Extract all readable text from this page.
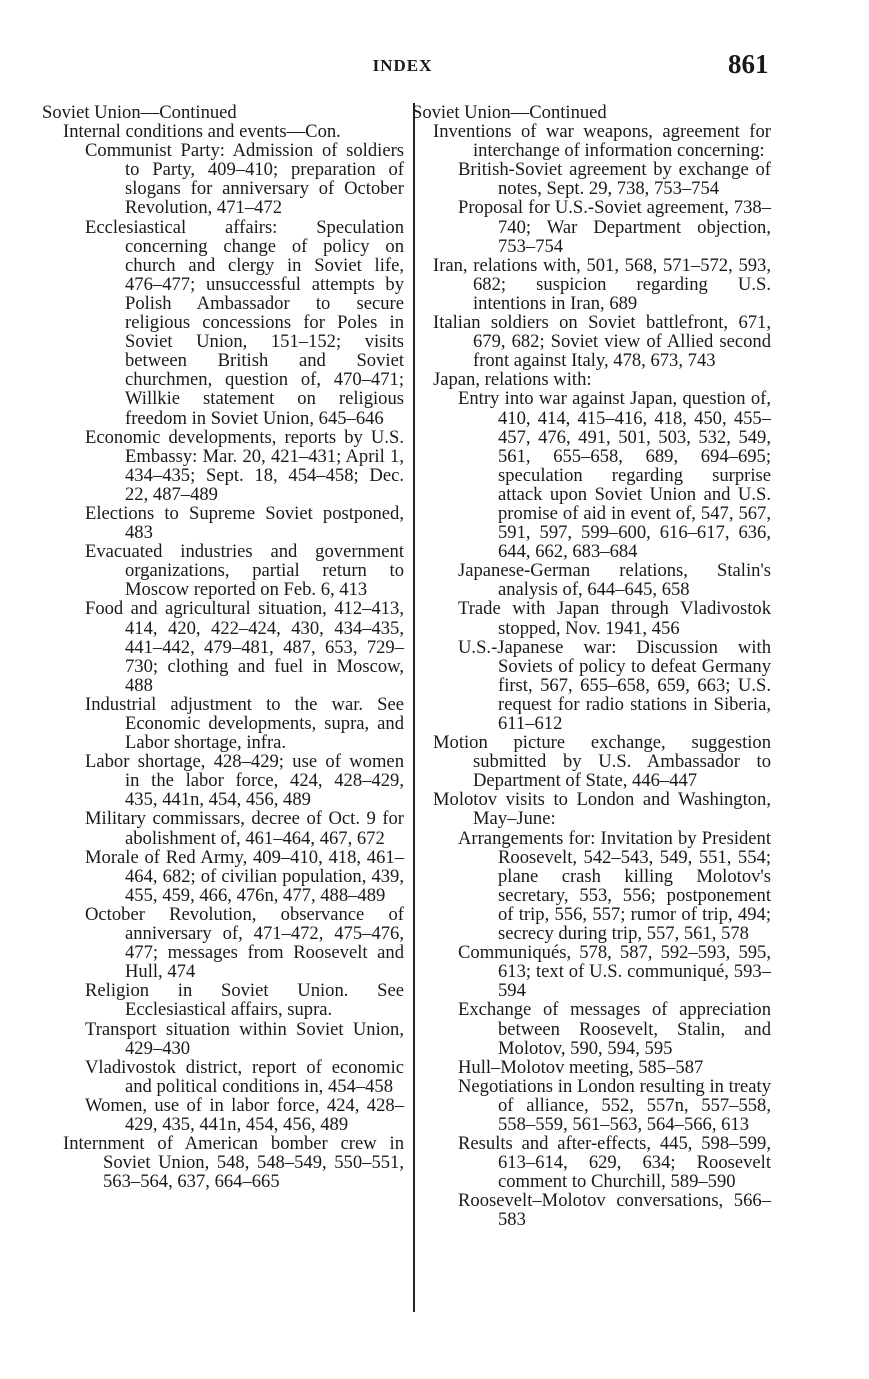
INDEX	861

Soviet Union—Continued

Internal conditions and events—Con.

Communist Party: Admission of soldiers to Party, 409–410; preparation of slogans for anniversary of October Revolution, 471–472

Ecclesiastical affairs: Speculation concerning change of policy on church and clergy in Soviet life, 476–477; unsuccessful attempts by Polish Ambassador to secure religious concessions for Poles in Soviet Union, 151–152; visits between British and Soviet churchmen, question of, 470–471; Willkie statement on religious freedom in Soviet Union, 645–646

Economic developments, reports by U.S. Embassy: Mar. 20, 421–431; April 1, 434–435; Sept. 18, 454–458; Dec. 22, 487–489

Elections to Supreme Soviet postponed, 483

Evacuated industries and government organizations, partial return to Moscow reported on Feb. 6, 413

Food and agricultural situation, 412–413, 414, 420, 422–424, 430, 434–435, 441–442, 479–481, 487, 653, 729–730; clothing and fuel in Moscow, 488

Industrial adjustment to the war. See Economic developments, supra, and Labor shortage, infra.

Labor shortage, 428–429; use of women in the labor force, 424, 428–429, 435, 441n, 454, 456, 489

Military commissars, decree of Oct. 9 for abolishment of, 461–464, 467, 672

Morale of Red Army, 409–410, 418, 461–464, 682; of civilian population, 439, 455, 459, 466, 476n, 477, 488–489

October Revolution, observance of anniversary of, 471–472, 475–476, 477; messages from Roosevelt and Hull, 474

Religion in Soviet Union. See Ecclesiastical affairs, supra.

Transport situation within Soviet Union, 429–430

Vladivostok district, report of economic and political conditions in, 454–458

Women, use of in labor force, 424, 428–429, 435, 441n, 454, 456, 489

Internment of American bomber crew in Soviet Union, 548, 548–549, 550–551, 563–564, 637, 664–665

Soviet Union—Continued

Inventions of war weapons, agreement for interchange of information concerning:

British-Soviet agreement by exchange of notes, Sept. 29, 738, 753–754

Proposal for U.S.-Soviet agreement, 738–740; War Department objection, 753–754

Iran, relations with, 501, 568, 571–572, 593, 682; suspicion regarding U.S. intentions in Iran, 689

Italian soldiers on Soviet battlefront, 671, 679, 682; Soviet view of Allied second front against Italy, 478, 673, 743

Japan, relations with:

Entry into war against Japan, question of, 410, 414, 415–416, 418, 450, 455–457, 476, 491, 501, 503, 532, 549, 561, 655–658, 689, 694–695; speculation regarding surprise attack upon Soviet Union and U.S. promise of aid in event of, 547, 567, 591, 597, 599–600, 616–617, 636, 644, 662, 683–684

Japanese-German relations, Stalin's analysis of, 644–645, 658

Trade with Japan through Vladivostok stopped, Nov. 1941, 456

U.S.-Japanese war: Discussion with Soviets of policy to defeat Germany first, 567, 655–658, 659, 663; U.S. request for radio stations in Siberia, 611–612

Motion picture exchange, suggestion submitted by U.S. Ambassador to Department of State, 446–447

Molotov visits to London and Washington, May–June:

Arrangements for: Invitation by President Roosevelt, 542–543, 549, 551, 554; plane crash killing Molotov's secretary, 553, 556; postponement of trip, 556, 557; rumor of trip, 494; secrecy during trip, 557, 561, 578

Communiqués, 578, 587, 592–593, 595, 613; text of U.S. communiqué, 593–594

Exchange of messages of appreciation between Roosevelt, Stalin, and Molotov, 590, 594, 595

Hull–Molotov meeting, 585–587

Negotiations in London resulting in treaty of alliance, 552, 557n, 557–558, 558–559, 561–563, 564–566, 613

Results and after-effects, 445, 598–599, 613–614, 629, 634; Roosevelt comment to Churchill, 589–590

Roosevelt–Molotov conversations, 566–583
